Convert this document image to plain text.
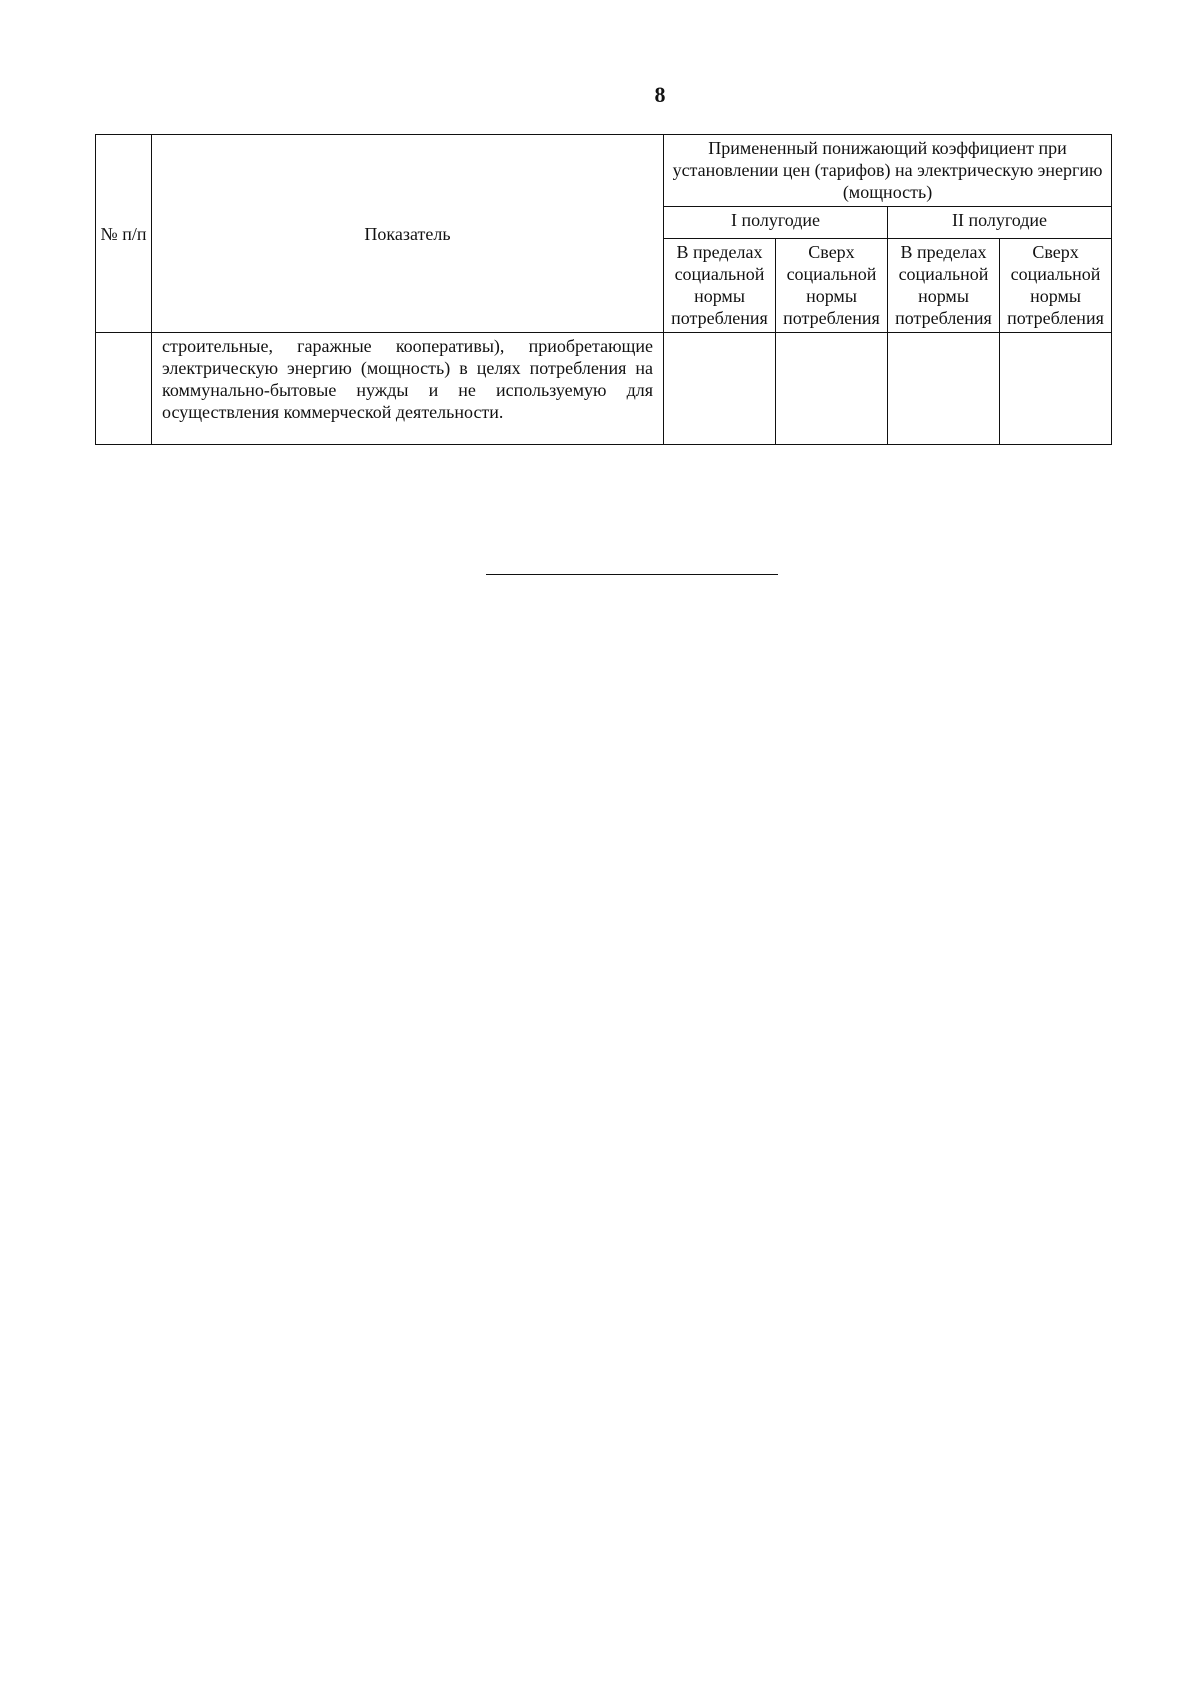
8
№ п/п	Показатель	Примененный понижающий коэффициент при установлении цен (тарифов) на электрическую энергию (мощность)			
		I полугодие		II полугодие	
		В пределах социальной нормы потребления	Сверх социальной нормы потребления	В пределах социальной нормы потребления	Сверх социальной нормы потребления
	строительные, гаражные кооперативы), приобретающие электрическую энергию (мощность) в целях потребления на коммунально-бытовые нужды и не используемую для осуществления коммерческой деятельности.				
